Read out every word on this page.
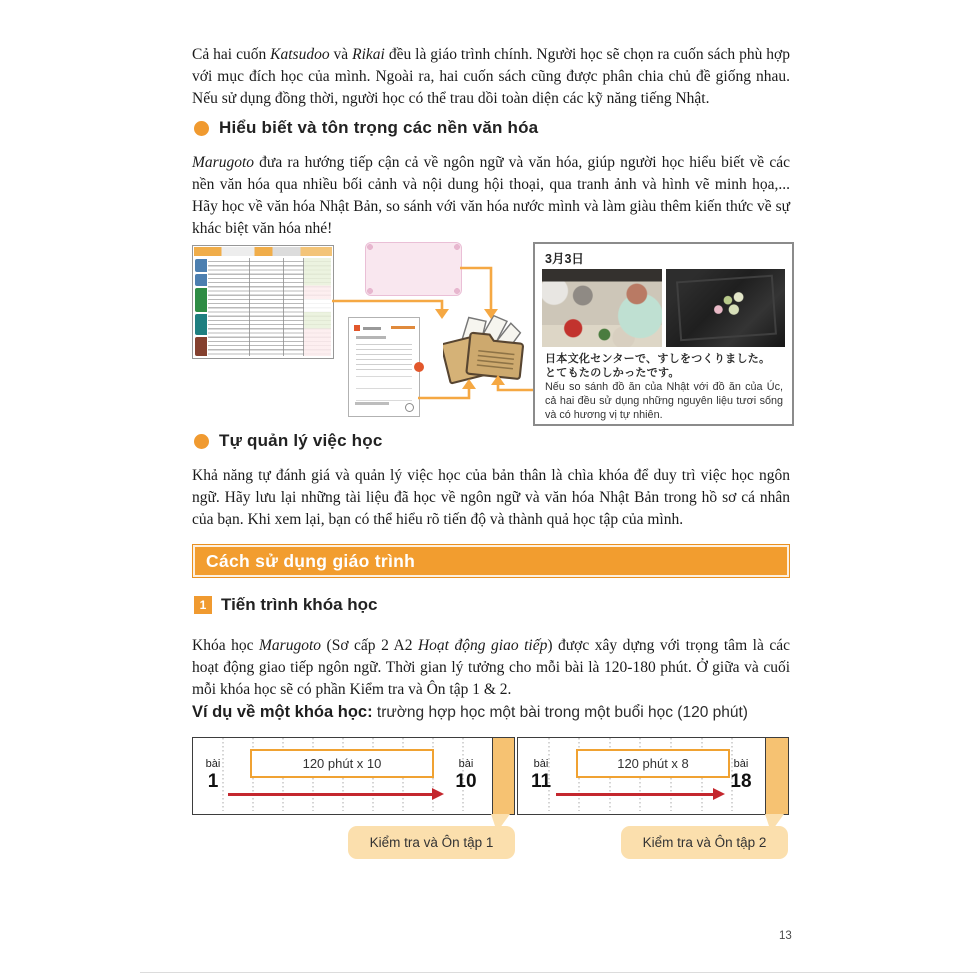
Cả hai cuốn Katsudoo và Rikai đều là giáo trình chính. Người học sẽ chọn ra cuốn sách phù hợp với mục đích học của mình. Ngoài ra, hai cuốn sách cũng được phân chia chủ đề giống nhau. Nếu sử dụng đồng thời, người học có thể trau dồi toàn diện các kỹ năng tiếng Nhật.

Hiểu biết và tôn trọng các nền văn hóa

Marugoto đưa ra hướng tiếp cận cả về ngôn ngữ và văn hóa, giúp người học hiểu biết về các nền văn hóa qua nhiều bối cảnh và nội dung hội thoại, qua tranh ảnh và hình vẽ minh họa,... Hãy học về văn hóa Nhật Bản, so sánh với văn hóa nước mình và làm giàu thêm kiến thức về sự khác biệt văn hóa nhé!

3月3日
日本文化センターで、すしをつくりました。
とてもたのしかったです。
Nếu so sánh đồ ăn của Nhật với đồ ăn của Úc, cả hai đều sử dụng những nguyên liệu tươi sống và có hương vị tự nhiên.
Tự quản lý việc học

Khả năng tự đánh giá và quản lý việc học của bản thân là chìa khóa để duy trì việc học ngôn ngữ. Hãy lưu lại những tài liệu đã học về ngôn ngữ và văn hóa Nhật Bản trong hồ sơ cá nhân của bạn. Khi xem lại, bạn có thể hiểu rõ tiến độ và thành quả học tập của mình.

Cách sử dụng giáo trình
1 Tiến trình khóa học

Khóa học Marugoto (Sơ cấp 2 A2 Hoạt động giao tiếp) được xây dựng với trọng tâm là các hoạt động giao tiếp ngôn ngữ. Thời gian lý tưởng cho mỗi bài là 120-180 phút. Ở giữa và cuối mỗi khóa học sẽ có phần Kiểm tra và Ôn tập 1 & 2.

Ví dụ về một khóa học: trường hợp học một bài trong một buổi học (120 phút)
120 phút x 10
bài
1
bài
10
120 phút x 8
bài
11
bài
18
Kiểm tra và Ôn tập 1	Kiểm tra và Ôn tập 2
13
